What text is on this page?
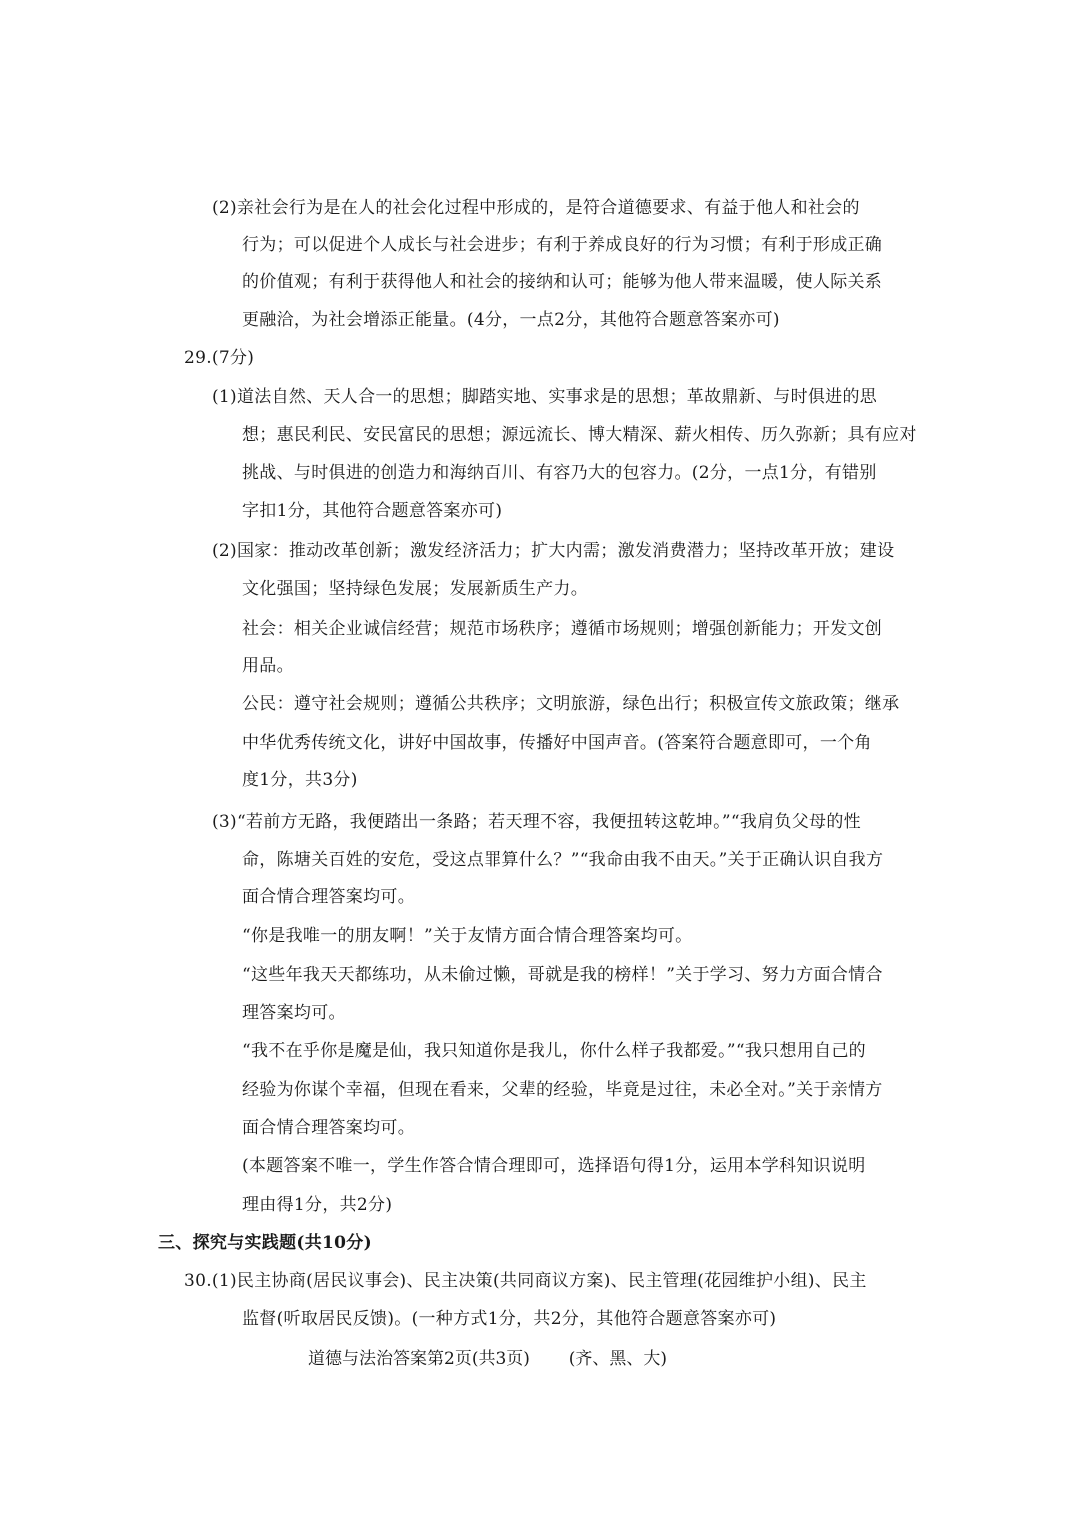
(2)亲社会行为是在人的社会化过程中形成的，是符合道德要求、有益于他人和社会的
行为；可以促进个人成长与社会进步；有利于养成良好的行为习惯；有利于形成正确
的价值观；有利于获得他人和社会的接纳和认可；能够为他人带来温暖，使人际关系
更融洽，为社会增添正能量。(4分，一点2分，其他符合题意答案亦可)
29.(7分)
(1)道法自然、天人合一的思想；脚踏实地、实事求是的思想；革故鼎新、与时俱进的思
想；惠民利民、安民富民的思想；源远流长、博大精深、薪火相传、历久弥新；具有应对
挑战、与时俱进的创造力和海纳百川、有容乃大的包容力。(2分，一点1分，有错别
字扣1分，其他符合题意答案亦可)
(2)国家：推动改革创新；激发经济活力；扩大内需；激发消费潜力；坚持改革开放；建设
文化强国；坚持绿色发展；发展新质生产力。
社会：相关企业诚信经营；规范市场秩序；遵循市场规则；增强创新能力；开发文创
用品。
公民：遵守社会规则；遵循公共秩序；文明旅游，绿色出行；积极宣传文旅政策；继承
中华优秀传统文化，讲好中国故事，传播好中国声音。(答案符合题意即可，一个角
度1分，共3分)
(3)“若前方无路，我便踏出一条路；若天理不容，我便扭转这乾坤。”“我肩负父母的性
命，陈塘关百姓的安危，受这点罪算什么？”“我命由我不由天。”关于正确认识自我方
面合情合理答案均可。
“你是我唯一的朋友啊！”关于友情方面合情合理答案均可。
“这些年我天天都练功，从未偷过懒，哥就是我的榜样！”关于学习、努力方面合情合
理答案均可。
“我不在乎你是魔是仙，我只知道你是我儿，你什么样子我都爱。”“我只想用自己的
经验为你谋个幸福，但现在看来，父辈的经验，毕竟是过往，未必全对。”关于亲情方
面合情合理答案均可。
(本题答案不唯一，学生作答合情合理即可，选择语句得1分，运用本学科知识说明
理由得1分，共2分)
三、探究与实践题(共10分)
30.(1)民主协商(居民议事会)、民主决策(共同商议方案)、民主管理(花园维护小组)、民主
监督(听取居民反馈)。(一种方式1分，共2分，其他符合题意答案亦可)
道德与法治答案第2页(共3页) (齐、黑、大)
